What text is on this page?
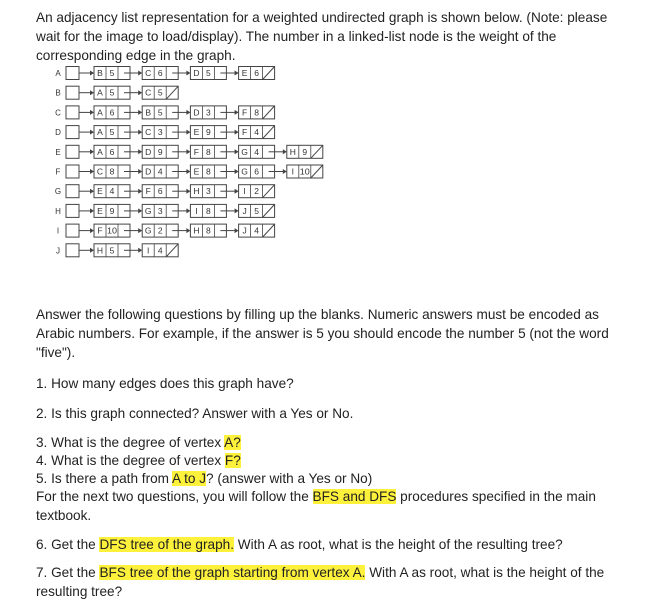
An adjacency list representation for a weighted undirected graph is shown below. (Note: please wait for the image to load/display). The number in a linked-list node is the weight of the corresponding edge in the graph.
A	B 5	C 6	D 5	E 6
B	A 5	C 5
C	A 6	B 5	D 3	F 8
D	A 5	C 3	E 9	F 4
E	A 6	D 9	F 8	G 4	H 9
F	C 8	D 4	E 8	G 6	I 10
G	E 4	F 6	H 3	I 2
H	E 9	G 3	I 8	J 5
I	F 10	G 2	H 8	J 4
J	H 5	I 4
Answer the following questions by filling up the blanks. Numeric answers must be encoded as Arabic numbers. For example, if the answer is 5 you should encode the number 5 (not the word "five").

1. How many edges does this graph have?

2. Is this graph connected? Answer with a Yes or No.

3. What is the degree of vertex A?

4. What is the degree of vertex F?

5. Is there a path from A to J? (answer with a Yes or No)

For the next two questions, you will follow the BFS and DFS procedures specified in the main textbook.

6. Get the DFS tree of the graph. With A as root, what is the height of the resulting tree?

7. Get the BFS tree of the graph starting from vertex A. With A as root, what is the height of the resulting tree?
